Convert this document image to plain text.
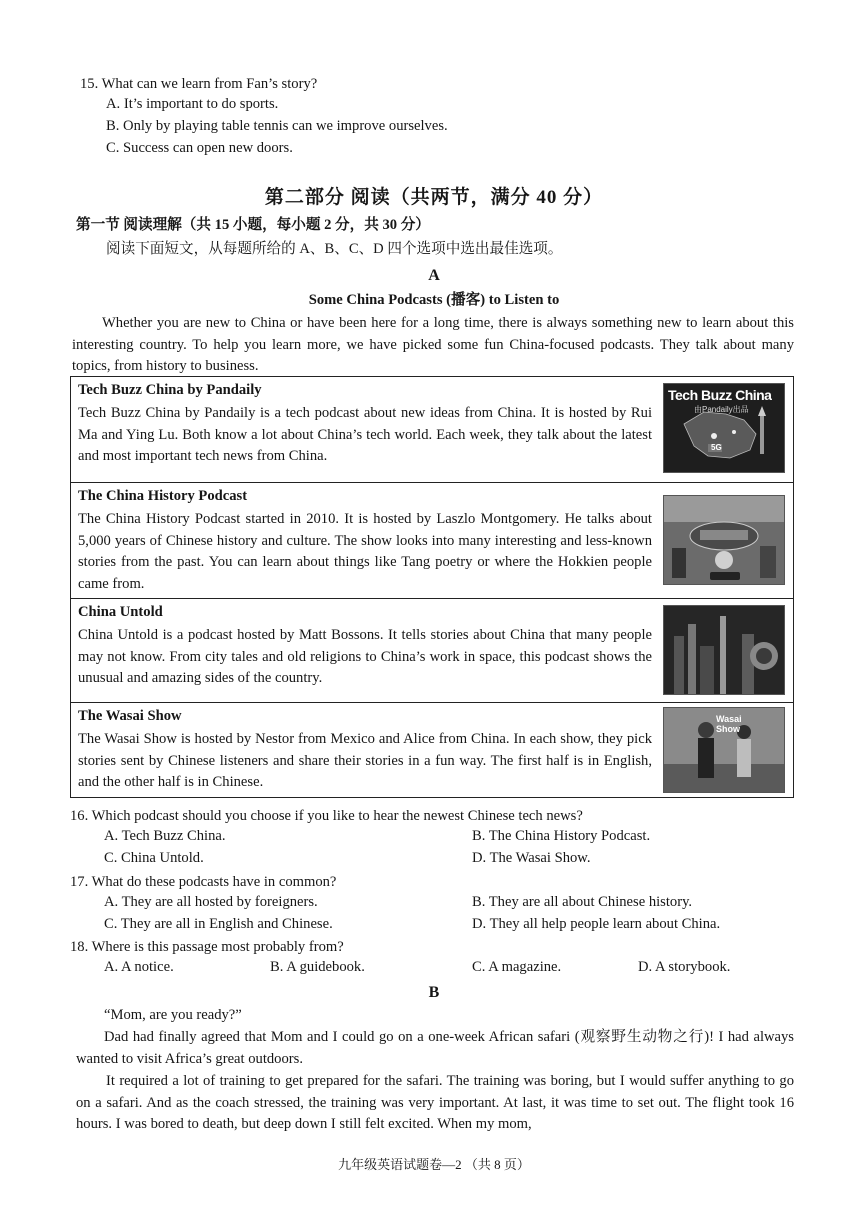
15. What can we learn from Fan’s story?
A. It’s important to do sports.
B. Only by playing table tennis can we improve ourselves.
C. Success can open new doors.
第二部分 阅读（共两节，满分 40 分）
第一节 阅读理解（共 15 小题，每小题 2 分，共 30 分）
阅读下面短文，从每题所给的 A、B、C、D 四个选项中选出最佳选项。
A
Some China Podcasts (播客) to Listen to
Whether you are new to China or have been here for a long time, there is always something new to learn about this interesting country. To help you learn more, we have picked some fun China-focused podcasts. They talk about many topics, from history to business.
Tech Buzz China by Pandaily
Tech Buzz China by Pandaily is a tech podcast about new ideas from China. It is hosted by Rui Ma and Ying Lu. Both know a lot about China’s tech world. Each week, they talk about the latest and most important tech news from China.
Tech Buzz China
由Pandaily出品
5G
The China History Podcast
The China History Podcast started in 2010. It is hosted by Laszlo Montgomery. He talks about 5,000 years of Chinese history and culture. The show looks into many interesting and less-known stories from the past. You can learn about things like Tang poetry or where the Hokkien people came from.
China Untold
China Untold is a podcast hosted by Matt Bossons. It tells stories about China that many people may not know. From city tales and old religions to China’s work in space, this podcast shows the unusual and amazing sides of the country.
The Wasai Show
The Wasai Show is hosted by Nestor from Mexico and Alice from China. In each show, they pick stories sent by Chinese listeners and share their stories in a fun way. The first half is in English, and the other half is in Chinese.
Wasai Show
16. Which podcast should you choose if you like to hear the newest Chinese tech news?
A. Tech Buzz China.	B. The China History Podcast.
C. China Untold.	D. The Wasai Show.
17. What do these podcasts have in common?
A. They are all hosted by foreigners.	B. They are all about Chinese history.
C. They are all in English and Chinese.	D. They all help people learn about China.
18. Where is this passage most probably from?
A. A notice.	B. A guidebook.	C. A magazine.	D. A storybook.
B
“Mom, are you ready?”
Dad had finally agreed that Mom and I could go on a one-week African safari (观察野生动物之行)! I had always wanted to visit Africa’s great outdoors.
It required a lot of training to get prepared for the safari. The training was boring, but I would suffer anything to go on a safari. And as the coach stressed, the training was very important. At last, it was time to set out. The flight took 16 hours. I was bored to death, but deep down I still felt excited. When my mom,
九年级英语试题卷—2 （共 8 页）
